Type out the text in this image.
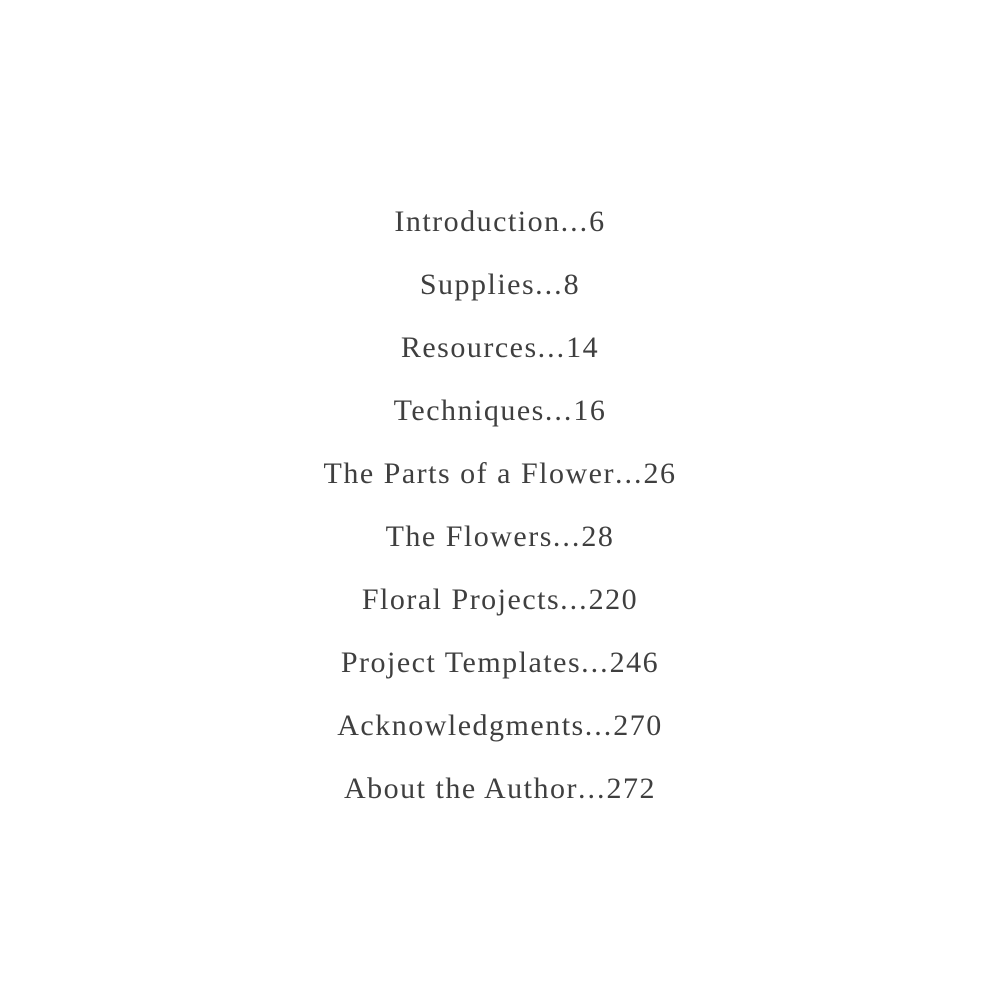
Introduction...6
Supplies...8
Resources...14
Techniques...16
The Parts of a Flower...26
The Flowers...28
Floral Projects...220
Project Templates...246
Acknowledgments...270
About the Author...272
